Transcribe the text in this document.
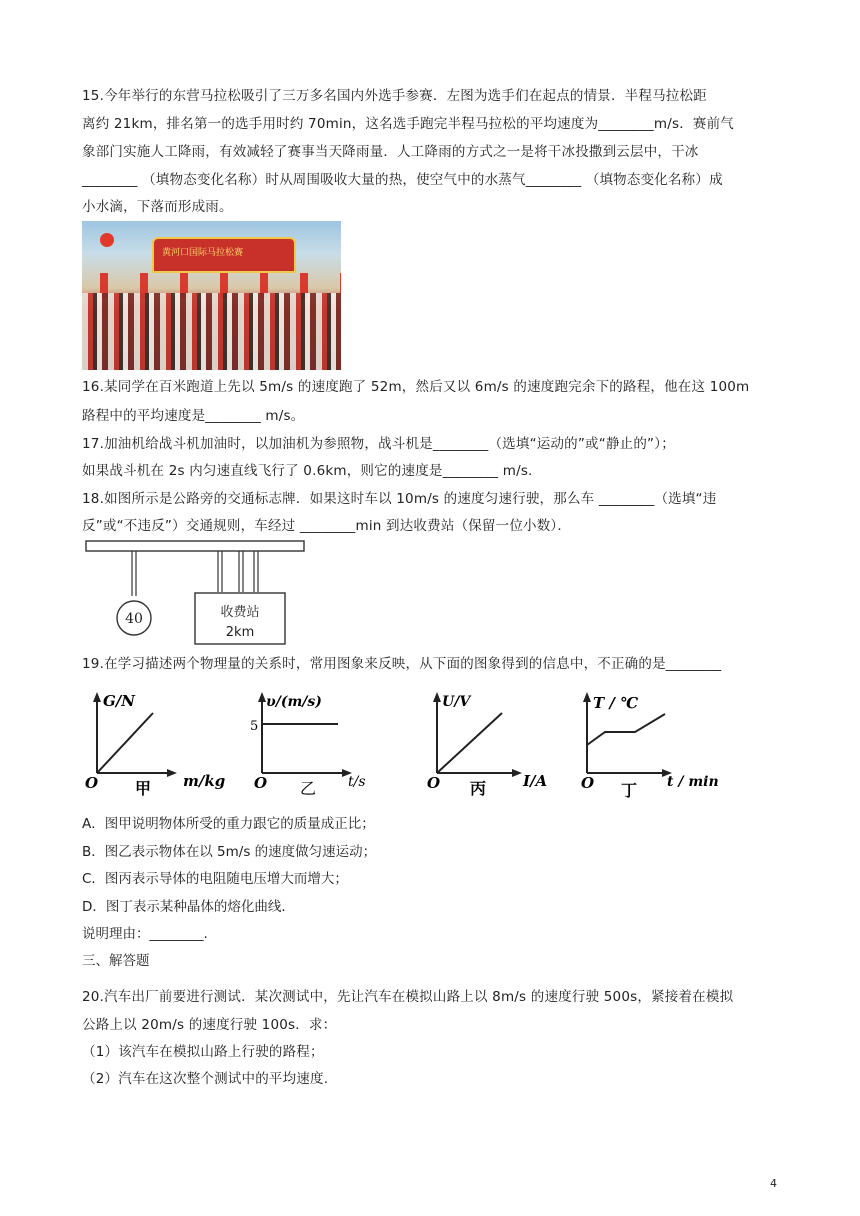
15.今年举行的东营马拉松吸引了三万多名国内外选手参赛．左图为选手们在起点的情景．半程马拉松距
离约 21km，排名第一的选手用时约 70min，这名选手跑完半程马拉松的平均速度为________m/s．赛前气
象部门实施人工降雨，有效减轻了赛事当天降雨量．人工降雨的方式之一是将干冰投撒到云层中，干冰
________ （填物态变化名称）时从周围吸收大量的热，使空气中的水蒸气________ （填物态变化名称）成
小水滴，下落而形成雨。
黄河口国际马拉松赛
16.某同学在百米跑道上先以 5m/s 的速度跑了 52m，然后又以 6m/s 的速度跑完余下的路程，他在这 100m
路程中的平均速度是________ m/s。
17.加油机给战斗机加油时，以加油机为参照物，战斗机是________（选填“运动的”或“静止的”）；
如果战斗机在 2s 内匀速直线飞行了 0.6km，则它的速度是________ m/s.
18.如图所示是公路旁的交通标志牌．如果这时车以 10m/s 的速度匀速行驶，那么车 ________（选填“违
反”或“不违反”）交通规则，车经过 ________min 到达收费站（保留一位小数）．
40	收费站
2km
19.在学习描述两个物理量的关系时，常用图象来反映，从下面的图象得到的信息中，不正确的是________
G/N
O 甲 m/kg
υ/(m/s)
5
O 乙 t/s
U/V
O 丙 I/A
T / ℃
O 丁 t / min
A．图甲说明物体所受的重力跟它的质量成正比；
B．图乙表示物体在以 5m/s 的速度做匀速运动；
C．图丙表示导体的电阻随电压增大而增大；
D．图丁表示某种晶体的熔化曲线．
说明理由：________.
三、解答题
20.汽车出厂前要进行测试．某次测试中，先让汽车在模拟山路上以 8m/s 的速度行驶 500s，紧接着在模拟
公路上以 20m/s 的速度行驶 100s．求：
（1）该汽车在模拟山路上行驶的路程；
（2）汽车在这次整个测试中的平均速度.
4
